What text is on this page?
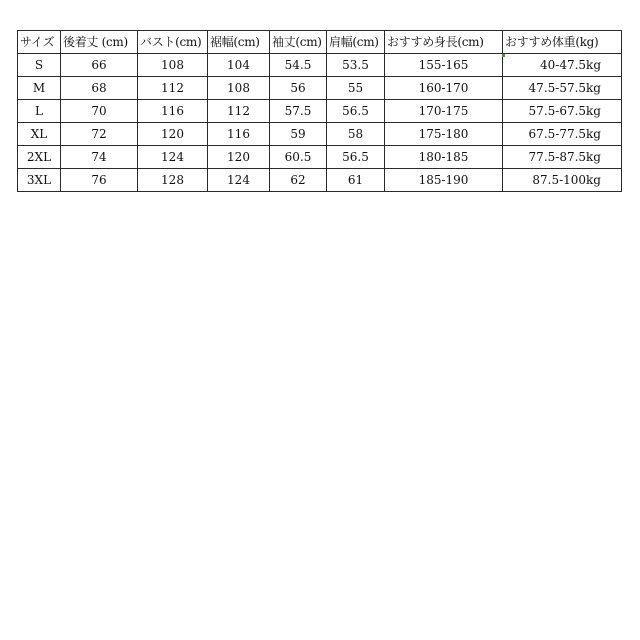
サイズ	後着丈 (cm)	バスト(cm)	裾幅(cm)	袖丈(cm)	肩幅(cm)	おすすめ身長(cm)	おすすめ体重(kg)
S	66	108	104	54.5	53.5	155-165	40-47.5kg
M	68	112	108	56	55	160-170	47.5-57.5kg
L	70	116	112	57.5	56.5	170-175	57.5-67.5kg
XL	72	120	116	59	58	175-180	67.5-77.5kg
2XL	74	124	120	60.5	56.5	180-185	77.5-87.5kg
3XL	76	128	124	62	61	185-190	87.5-100kg
